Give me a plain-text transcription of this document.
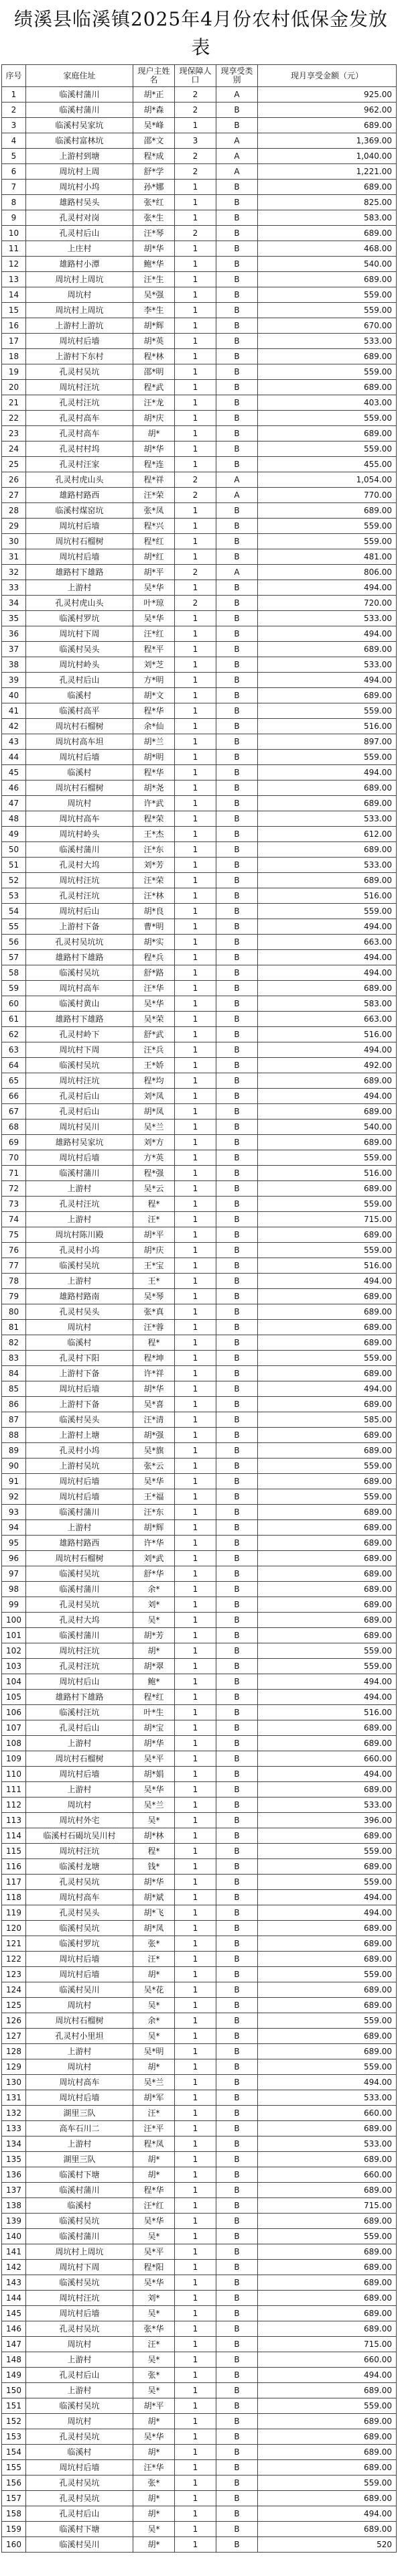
绩溪县临溪镇2025年4月份农村低保金发放表
序号	家庭住址	现户主姓名	现保障人口	现享受类别	现月享受金额（元）
1	临溪村蒲川	胡*正	2	A	925.00
2	临溪村蒲川	胡*森	2	B	962.00
3	临溪村吴家坑	吴*峰	1	B	689.00
4	临溪村富林坑	邵*文	3	A	1,369.00
5	上游村到塘	程*成	2	A	1,040.00
6	周坑村上周	舒*学	2	A	1,221.00
7	周坑村小坞	孙*娜	1	B	689.00
8	雄路村吴头	张*红	1	B	825.00
9	孔灵村对岗	张*生	1	B	583.00
10	孔灵村后山	汪*琴	2	B	689.00
11	上庄村	胡*华	1	B	468.00
12	雄路村小潭	鲍*华	1	B	540.00
13	周坑村上周坑	汪*生	1	B	689.00
14	周坑村	吴*强	1	B	559.00
15	周坑村上周坑	李*生	1	B	559.00
16	上游村上游坑	胡*辉	1	B	670.00
17	周坑村后墙	胡*英	1	B	533.00
18	上游村下东村	程*林	1	B	689.00
19	孔灵村吴坑	邵*明	1	B	559.00
20	周坑村汪坑	程*武	1	B	689.00
21	孔灵村汪坑	汪*龙	1	B	403.00
22	孔灵村高车	胡*庆	1	B	559.00
23	孔灵村高车	胡*	1	B	689.00
24	孔灵村村坞	胡*华	1	B	559.00
25	孔灵村汪家	程*连	1	B	455.00
26	孔灵村虎山头	程*祥	2	A	1,054.00
27	雄路村路西	汪*荣	2	A	770.00
28	临溪村煤窑坑	张*凤	1	B	689.00
29	周坑村后墙	程*兴	1	B	559.00
30	周坑村石榴树	程*红	1	B	559.00
31	周坑村后墙	胡*红	1	B	481.00
32	雄路村下雄路	胡*平	2	A	806.00
33	上游村	吴*华	1	B	494.00
34	孔灵村虎山头	叶*琼	2	B	720.00
35	临溪村罗坑	吴*华	1	B	533.00
36	周坑村下周	汪*红	1	B	494.00
37	临溪村吴头	程*平	1	B	689.00
38	周坑村岭头	刘*芝	1	B	533.00
39	孔灵村后山	方*明	1	B	494.00
40	临溪村	胡*文	1	B	689.00
41	临溪村高平	程*华	1	B	559.00
42	周坑村石榴树	余*仙	1	B	516.00
43	周坑村高车坦	胡*兰	1	B	897.00
44	周坑村后墙	胡*明	1	B	559.00
45	临溪村	程*华	1	B	494.00
46	周坑村石榴树	胡*尧	1	B	689.00
47	周坑村	许*武	1	B	689.00
48	周坑村高车	程*荣	1	B	533.00
49	周坑村岭头	王*杰	1	B	612.00
50	临溪村蒲川	汪*东	1	B	689.00
51	孔灵村大坞	刘*芳	1	B	533.00
52	周坑村汪坑	汪*荣	1	B	689.00
53	孔灵村汪坑	汪*林	1	B	516.00
54	周坑村后山	胡*良	1	B	559.00
55	上游村下备	曹*明	1	B	494.00
56	孔灵村吴坑坑	胡*实	1	B	663.00
57	雄路村下雄路	程*兵	1	B	494.00
58	临溪村吴坑	舒*路	1	B	494.00
59	周坑村高车	汪*华	1	B	689.00
60	临溪村黄山	吴*华	1	B	583.00
61	雄路村下雄路	吴*荣	1	B	663.00
62	孔灵村岭下	舒*武	1	B	516.00
63	周坑村下周	汪*兵	1	B	494.00
64	临溪村吴坑	王*娇	1	B	492.00
65	周坑村汪坑	程*均	1	B	689.00
66	孔灵村后山	刘*凤	1	B	494.00
67	孔灵村后山	胡*凤	1	B	689.00
68	周坑村吴川	吴*兰	1	B	540.00
69	雄路村吴家坑	刘*方	1	B	689.00
70	周坑村后墙	方*英	1	B	559.00
71	临溪村蒲川	程*强	1	B	516.00
72	上游村	吴*云	1	B	689.00
73	孔灵村汪坑	程*	1	B	559.00
74	上游村	汪*	1	B	715.00
75	周坑村陈川殿	胡*平	1	B	689.00
76	孔灵村小坞	胡*庆	1	B	559.00
77	临溪村吴坑	王*宝	1	B	516.00
78	上游村	王*	1	B	494.00
79	雄路村路南	吴*琴	1	B	689.00
80	孔灵村吴头	张*真	1	B	689.00
81	周坑村	汪*蓉	1	B	689.00
82	临溪村	程*	1	B	689.00
83	孔灵村下阳	程*坤	1	B	559.00
84	上游村下备	许*祥	1	B	689.00
85	周坑村后墙	胡*华	1	B	494.00
86	上游村下备	吴*喜	1	B	689.00
87	临溪村吴头	汪*清	1	B	585.00
88	上游村上塘	胡*强	1	B	689.00
89	孔灵村小坞	吴*旗	1	B	689.00
90	上游村吴坑	张*云	1	B	559.00
91	周坑村后墙	吴*华	1	B	689.00
92	周坑村后墙	王*福	1	B	559.00
93	临溪村蒲川	汪*东	1	B	689.00
94	上游村	胡*辉	1	B	689.00
95	雄路村路西	许*华	1	B	689.00
96	周坑村石榴树	刘*武	1	B	689.00
97	临溪村吴坑	舒*华	1	B	689.00
98	临溪村蒲川	余*	1	B	689.00
99	孔灵村吴坑	刘*	1	B	689.00
100	孔灵村大坞	吴*	1	B	689.00
101	临溪村蒲川	胡*芳	1	B	689.00
102	周坑村汪坑	胡*	1	B	559.00
103	孔灵村汪坑	胡*翠	1	B	559.00
104	周坑村后山	鲍*	1	B	494.00
105	雄路村下雄路	程*红	1	B	494.00
106	临溪村汪坑	叶*生	1	B	516.00
107	孔灵村后山	胡*宝	1	B	689.00
108	上游村	胡*华	1	B	689.00
109	周坑村石榴树	吴*平	1	B	660.00
110	周坑村后墙	胡*娟	1	B	494.00
111	上游村	吴*华	1	B	689.00
112	周坑村	吴*兰	1	B	533.00
113	周坑村外宅	吴*	1	B	396.00
114	临溪村石碣坑吴川村	胡*林	1	B	689.00
115	周坑村汪坑	程*	1	B	559.00
116	临溪村龙塘	钱*	1	B	689.00
117	孔灵村吴坑	胡*华	1	B	559.00
118	周坑村高车	胡*斌	1	B	494.00
119	孔灵村吴头	胡*飞	1	B	494.00
120	临溪村吴坑	胡*凤	1	B	689.00
121	临溪村罗坑	张*	1	B	689.00
122	周坑村后墙	汪*	1	B	689.00
123	周坑村后墙	胡*	1	B	559.00
124	临溪村吴川	吴*花	1	B	689.00
125	周坑村	吴*	1	B	689.00
126	周坑村石榴树	余*	1	B	559.00
127	孔灵村小里坦	吴*	1	B	689.00
128	上游村	吴*明	1	B	689.00
129	周坑村	胡*	1	B	559.00
130	周坑村高车	吴*兰	1	B	494.00
131	周坑村后墙	胡*军	1	B	533.00
132	湖里三队	汪*	1	B	660.00
133	高车石川二	汪*平	1	B	689.00
134	上游村	程*凤	1	B	533.00
135	湖里三队	胡*	1	B	689.00
136	临溪村下塘	胡*	1	B	660.00
137	临溪村蒲川	程*华	1	B	689.00
138	临溪村	汪*红	1	B	715.00
139	临溪村吴坑	吴*华	1	B	689.00
140	临溪村蒲川	吴*	1	B	559.00
141	周坑村上周坑	吴*平	1	B	689.00
142	周坑村下周	程*阳	1	B	689.00
143	临溪村吴坑	吴*华	1	B	689.00
144	周坑村汪坑	刘*	1	B	689.00
145	周坑村后墙	吴*	1	B	689.00
146	孔灵村吴坑	张*华	1	B	689.00
147	周坑村	汪*	1	B	715.00
148	上游村	吴*	1	B	660.00
149	孔灵村后山	张*	1	B	494.00
150	上游村	吴*	1	B	689.00
151	临溪村吴坑	胡*平	1	B	559.00
152	周坑村	胡*	1	B	689.00
153	孔灵村吴坑	吴*华	1	B	689.00
154	临溪村	胡*	1	B	689.00
155	周坑村后墙	汪*华	1	B	689.00
156	孔灵村吴坑	张*	1	B	559.00
157	孔灵村吴坑	胡*	1	B	689.00
158	孔灵村后山	胡*	1	B	494.00
159	临溪村下塘	吴*	1	B	689.00
160	临溪村吴川	胡*	1	B	520
